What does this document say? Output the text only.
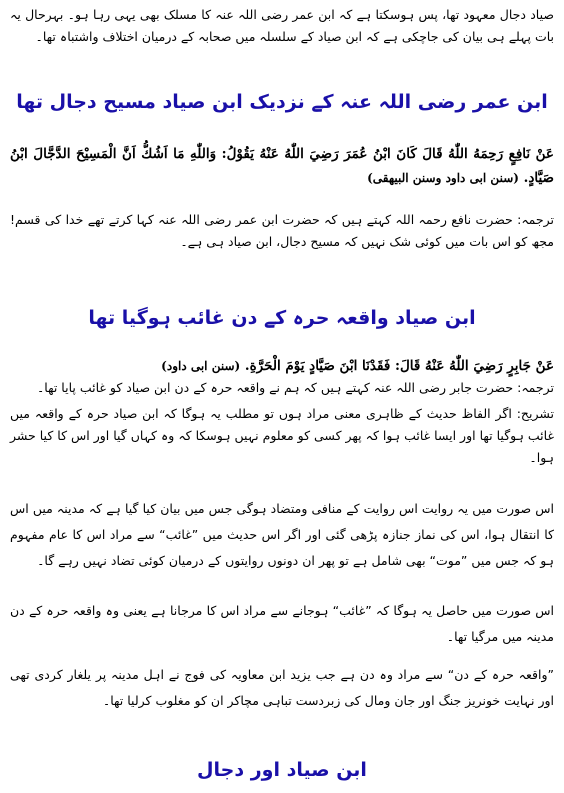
صیاد دجال معہود تھا، پس ہوسکتا ہے کہ ابن عمر رضی اللہ عنہ کا مسلک بھی یہی رہا ہو۔ بہرحال یہ بات پہلے ہی بیان کی جاچکی ہے کہ ابن صیاد کے سلسلہ میں صحابہ کے درمیان اختلاف واشتباہ تھا۔

ابن عمر رضی اللہ عنہ کے نزدیک ابن صیاد مسیح دجال تھا

عَنْ نَافِعٍ رَحِمَهُ اللّٰهُ قَالَ كَانَ ابْنُ عُمَرَ رَضِيَ اللّٰهُ عَنْهُ يَقُوْلُ: وَاللّٰهِ مَا اَشُكُّ اَنَّ الْمَسِيْحَ الدَّجَّالَ ابْنُ صَيَّادٍ. (سنن ابی داود وسنن البیهقی)

ترجمہ: حضرت نافع رحمہ اللہ کہتے ہیں کہ حضرت ابن عمر رضی اللہ عنہ کہا کرتے تھے خدا کی قسم! مجھ کو اس بات میں کوئی شک نہیں کہ مسیح دجال، ابن صیاد ہی ہے۔

ابن صیاد واقعہ حرہ کے دن غائب ہوگیا تھا

عَنْ جَابِرٍ رَضِيَ اللّٰهُ عَنْهُ قَالَ: فَقَدْنَا ابْنَ صَيَّادٍ يَوْمَ الْحَرَّةِ. (سنن ابی داود)

ترجمہ: حضرت جابر رضی اللہ عنہ کہتے ہیں کہ ہم نے واقعہ حرہ کے دن ابن صیاد کو غائب پایا تھا۔

تشریح: اگر الفاظ حدیث کے ظاہری معنی مراد ہوں تو مطلب یہ ہوگا کہ ابن صیاد حرہ کے واقعہ میں غائب ہوگیا تھا اور ایسا غائب ہوا کہ پھر کسی کو معلوم نہیں ہوسکا کہ وہ کہاں گیا اور اس کا کیا حشر ہوا۔

اس صورت میں یہ روایت اس روایت کے منافی ومتضاد ہوگی جس میں بیان کیا گیا ہے کہ مدینہ میں اس کا انتقال ہوا، اس کی نماز جنازہ پڑھی گئی اور اگر اس حدیث میں ”غائب“ سے مراد اس کا عام مفہوم ہو کہ جس میں ”موت“ بھی شامل ہے تو پھر ان دونوں روایتوں کے درمیان کوئی تضاد نہیں رہے گا۔

اس صورت میں حاصل یہ ہوگا کہ ”غائب“ ہوجانے سے مراد اس کا مرجانا ہے یعنی وہ واقعہ حرہ کے دن مدینہ میں مرگیا تھا۔

”واقعہ حرہ کے دن“ سے مراد وہ دن ہے جب یزید ابن معاویہ کی فوج نے اہل مدینہ پر یلغار کردی تھی اور نہایت خونریز جنگ اور جان ومال کی زبردست تباہی مچاکر ان کو مغلوب کرلیا تھا۔

ابن صیاد اور دجال
